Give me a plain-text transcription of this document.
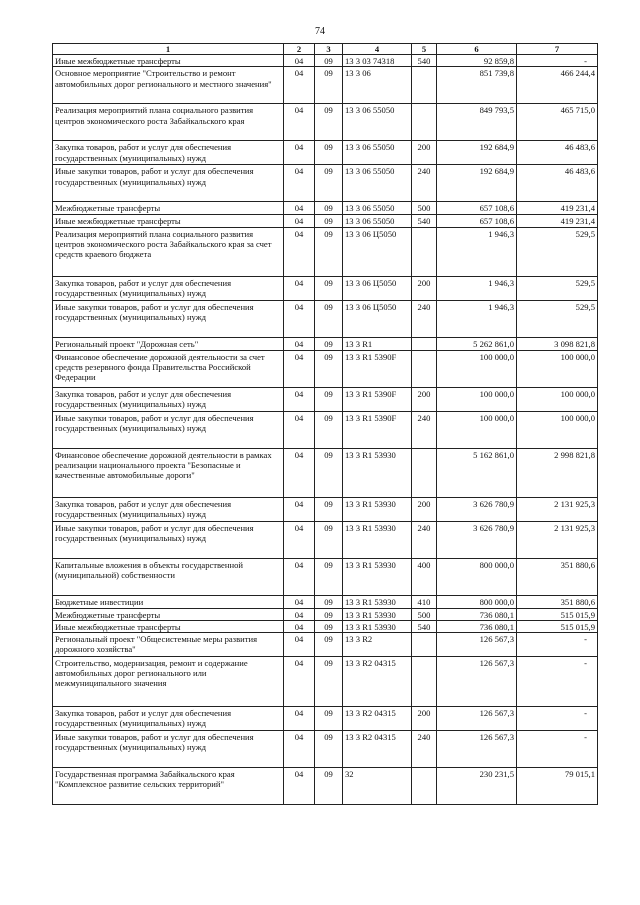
74
1	2	3	4	5	6	7
Иные межбюджетные трансферты	04	09	13 3 03 74318	540	92 859,8	-
Основное мероприятие "Строительство и ремонт автомобильных дорог регионального и местного значения"	04	09	13 3 06		851 739,8	466 244,4
Реализация мероприятий плана социального развития центров экономического роста Забайкальского края	04	09	13 3 06 55050		849 793,5	465 715,0
Закупка товаров, работ и услуг для обеспечения государственных (муниципальных) нужд	04	09	13 3 06 55050	200	192 684,9	46 483,6
Иные закупки товаров, работ и услуг для обеспечения государственных (муниципальных) нужд	04	09	13 3 06 55050	240	192 684,9	46 483,6
Межбюджетные трансферты	04	09	13 3 06 55050	500	657 108,6	419 231,4
Иные межбюджетные трансферты	04	09	13 3 06 55050	540	657 108,6	419 231,4
Реализация мероприятий плана социального развития центров экономического роста Забайкальского края за счет средств краевого бюджета	04	09	13 3 06 Ц5050		1 946,3	529,5
Закупка товаров, работ и услуг для обеспечения государственных (муниципальных) нужд	04	09	13 3 06 Ц5050	200	1 946,3	529,5
Иные закупки товаров, работ и услуг для обеспечения государственных (муниципальных) нужд	04	09	13 3 06 Ц5050	240	1 946,3	529,5
Региональный проект "Дорожная сеть"	04	09	13 3 R1		5 262 861,0	3 098 821,8
Финансовое обеспечение дорожной деятельности за счет средств резервного фонда Правительства Российской Федерации	04	09	13 3 R1 5390F		100 000,0	100 000,0
Закупка товаров, работ и услуг для обеспечения государственных (муниципальных) нужд	04	09	13 3 R1 5390F	200	100 000,0	100 000,0
Иные закупки товаров, работ и услуг для обеспечения государственных (муниципальных) нужд	04	09	13 3 R1 5390F	240	100 000,0	100 000,0
Финансовое обеспечение дорожной деятельности в рамках реализации национального проекта "Безопасные и качественные автомобильные дороги"	04	09	13 3 R1 53930		5 162 861,0	2 998 821,8
Закупка товаров, работ и услуг для обеспечения государственных (муниципальных) нужд	04	09	13 3 R1 53930	200	3 626 780,9	2 131 925,3
Иные закупки товаров, работ и услуг для обеспечения государственных (муниципальных) нужд	04	09	13 3 R1 53930	240	3 626 780,9	2 131 925,3
Капитальные вложения в объекты государственной (муниципальной) собственности	04	09	13 3 R1 53930	400	800 000,0	351 880,6
Бюджетные инвестиции	04	09	13 3 R1 53930	410	800 000,0	351 880,6
Межбюджетные трансферты	04	09	13 3 R1 53930	500	736 080,1	515 015,9
Иные межбюджетные трансферты	04	09	13 3 R1 53930	540	736 080,1	515 015,9
Региональный проект "Общесистемные меры развития дорожного хозяйства"	04	09	13 3 R2		126 567,3	-
Строительство, модернизация, ремонт и содержание автомобильных дорог регионального или межмуниципального значения	04	09	13 3 R2 04315		126 567,3	-
Закупка товаров, работ и услуг для обеспечения государственных (муниципальных) нужд	04	09	13 3 R2 04315	200	126 567,3	-
Иные закупки товаров, работ и услуг для обеспечения государственных (муниципальных) нужд	04	09	13 3 R2 04315	240	126 567,3	-
Государственная программа Забайкальского края "Комплексное развитие сельских территорий"	04	09	32		230 231,5	79 015,1
